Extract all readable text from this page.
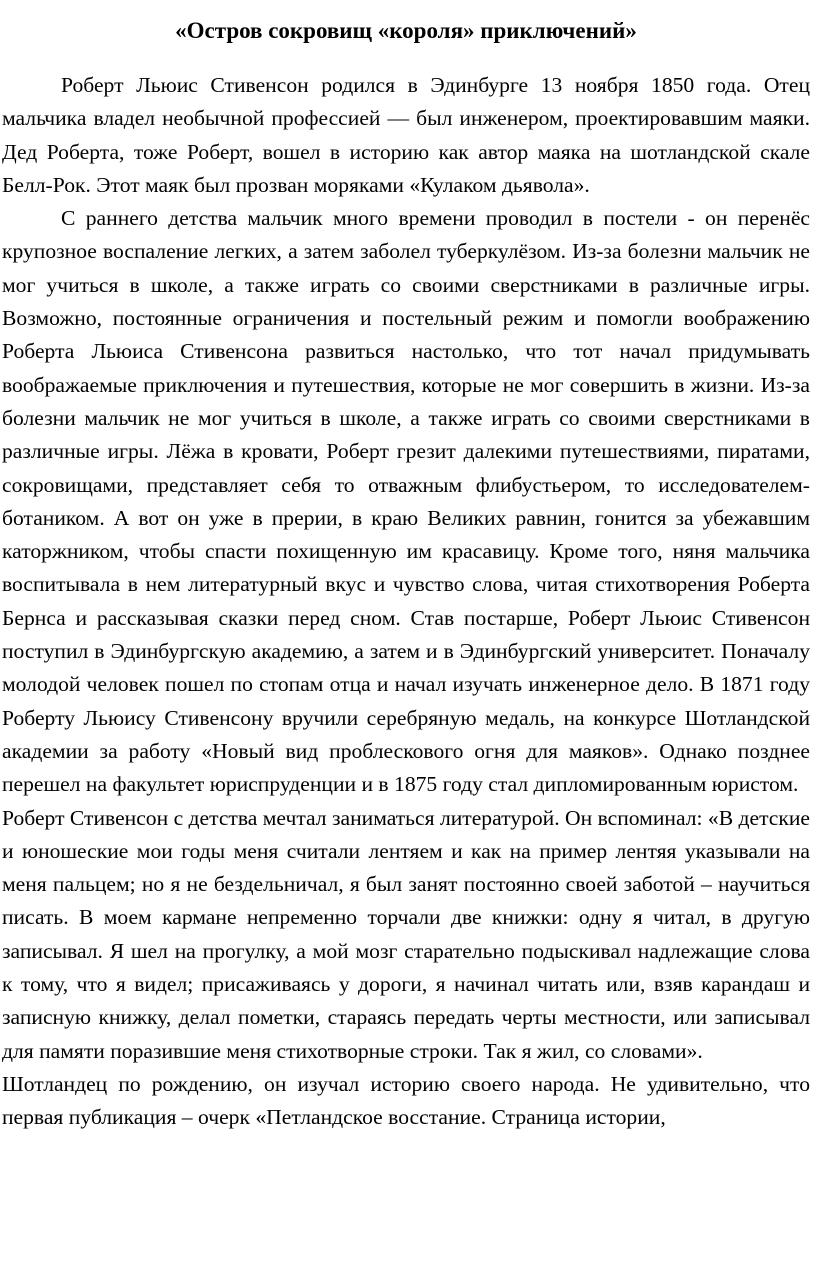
«Остров сокровищ «короля» приключений»

Роберт Льюис Стивенсон родился в Эдинбурге 13 ноября 1850 года. Отец мальчика владел необычной профессией — был инженером, проектировавшим маяки. Дед Роберта, тоже Роберт, вошел в историю как автор маяка на шотландской скале Белл-Рок. Этот маяк был прозван моряками «Кулаком дьявола».

С раннего детства мальчик много времени проводил в постели - он перенёс крупозное воспаление легких, а затем заболел туберкулёзом. Из-за болезни мальчик не мог учиться в школе, а также играть со своими сверстниками в различные игры. Возможно, постоянные ограничения и постельный режим и помогли воображению Роберта Льюиса Стивенсона развиться настолько, что тот начал придумывать воображаемые приключения и путешествия, которые не мог совершить в жизни. Из-за болезни мальчик не мог учиться в школе, а также играть со своими сверстниками в различные игры. Лёжа в кровати, Роберт грезит далекими путешествиями, пиратами, сокровищами, представляет себя то отважным флибустьером, то исследователем-ботаником. А вот он уже в прерии, в краю Великих равнин, гонится за убежавшим каторжником, чтобы спасти похищенную им красавицу. Кроме того, няня мальчика воспитывала в нем литературный вкус и чувство слова, читая стихотворения Роберта Бернса и рассказывая сказки перед сном. Став постарше, Роберт Льюис Стивенсон поступил в Эдинбургскую академию, а затем и в Эдинбургский университет. Поначалу молодой человек пошел по стопам отца и начал изучать инженерное дело. В 1871 году Роберту Льюису Стивенсону вручили серебряную медаль, на конкурсе Шотландской академии за работу «Новый вид проблескового огня для маяков». Однако позднее перешел на факультет юриспруденции и в 1875 году стал дипломированным юристом.

Роберт Стивенсон с детства мечтал заниматься литературой. Он вспоминал: «В детские и юношеские мои годы меня считали лентяем и как на пример лентяя указывали на меня пальцем; но я не бездельничал, я был занят постоянно своей заботой – научиться писать. В моем кармане непременно торчали две книжки: одну я читал, в другую записывал. Я шел на прогулку, а мой мозг старательно подыскивал надлежащие слова к тому, что я видел; присаживаясь у дороги, я начинал читать или, взяв карандаш и записную книжку, делал пометки, стараясь передать черты местности, или записывал для памяти поразившие меня стихотворные строки. Так я жил, со словами».

Шотландец по рождению, он изучал историю своего народа. Не удивительно, что первая публикация – очерк «Петландское восстание. Страница истории,
